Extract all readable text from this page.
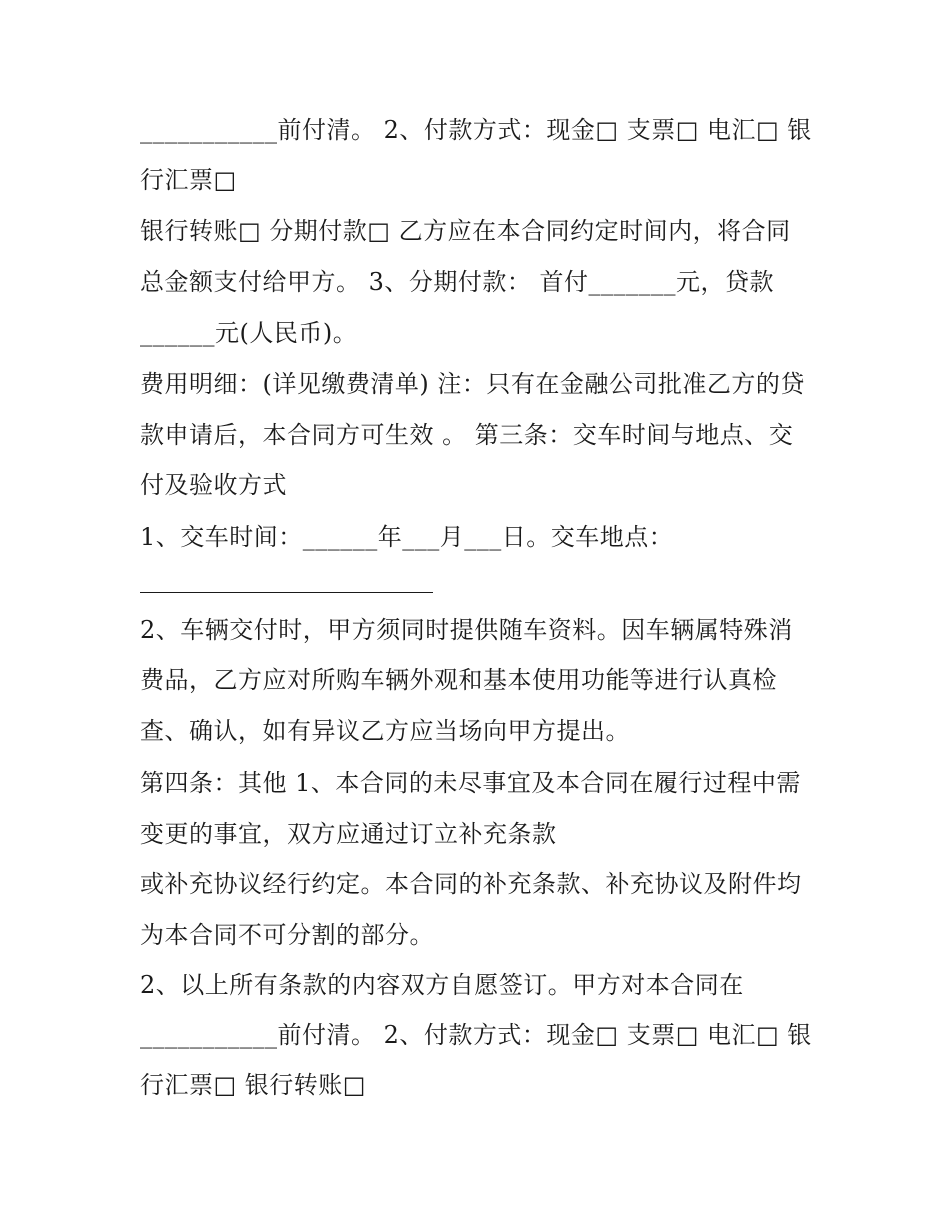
___________前付清。 2、付款方式：现金□ 支票□ 电汇□ 银
行汇票□
银行转账□ 分期付款□ 乙方应在本合同约定时间内，将合同
总金额支付给甲方。 3、分期付款： 首付_______元，贷款
______元(人民币)。
费用明细：(详见缴费清单) 注：只有在金融公司批准乙方的贷
款申请后，本合同方可生效 。 第三条：交车时间与地点、交
付及验收方式
1、交车时间：______年___月___日。交车地点：
2、车辆交付时，甲方须同时提供随车资料。因车辆属特殊消
费品，乙方应对所购车辆外观和基本使用功能等进行认真检
查、确认，如有异议乙方应当场向甲方提出。
第四条：其他 1、本合同的未尽事宜及本合同在履行过程中需
变更的事宜，双方应通过订立补充条款
或补充协议经行约定。本合同的补充条款、补充协议及附件均
为本合同不可分割的部分。
2、以上所有条款的内容双方自愿签订。甲方对本合同在
___________前付清。 2、付款方式：现金□ 支票□ 电汇□ 银
行汇票□ 银行转账□
